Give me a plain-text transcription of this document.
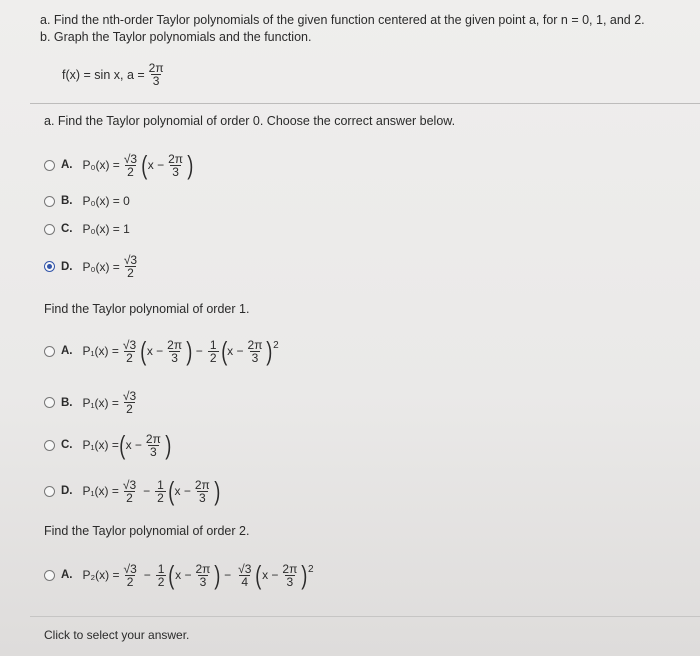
a. Find the nth-order Taylor polynomials of the given function centered at the given point a, for n = 0, 1, and 2.
b. Graph the Taylor polynomials and the function.
f(x) = sin x, $a = \frac{2\pi}{3}$
a. Find the Taylor polynomial of order 0. Choose the correct answer below.
A. $P_0(x) = \frac{√3}{2}$ ( $x - \frac{2\pi}{3}$ )
B. P₀(x) = 0
C. P₀(x) = 1
D. $P_0(x) = \frac{√3}{2}$
Find the Taylor polynomial of order 1.
A. $P_1(x) = \frac{√3}{2}$ ( $x - \frac{2\pi}{3}$ ) − $\frac{1}{2}$ ( $x - \frac{2\pi}{3}$ ) 2
B. $P_1(x) = \frac{√3}{2}$
C. P₁(x) = ( $x - \frac{2\pi}{3}$ )
D. $P_1(x) = \frac{√3}{2} - \frac{1}{2}$ ( $x - \frac{2\pi}{3}$ )
Find the Taylor polynomial of order 2.
A. $P_2(x) = \frac{√3}{2} - \frac{1}{2}$ ( $x - \frac{2\pi}{3}$ ) − $\frac{√3}{4}$ ( $x - \frac{2\pi}{3}$ ) 2
Click to select your answer.
